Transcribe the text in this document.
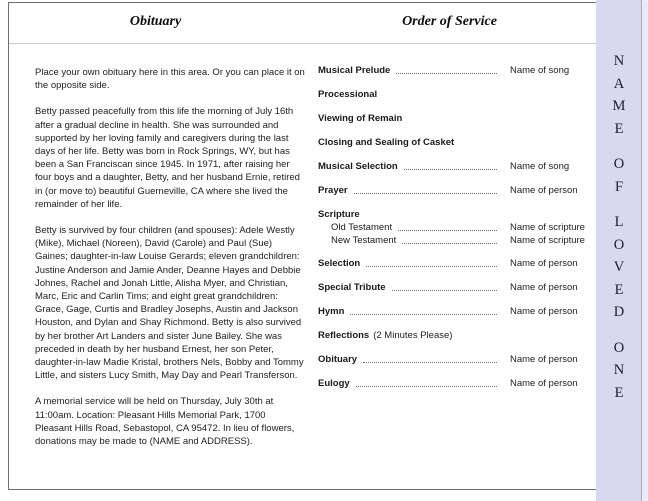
Obituary	Order of Service
Place your own obituary here in this area. Or you can place it on the opposite side.
Betty passed peacefully from this life the morning of July 16th after a gradual decline in health. She was surrounded and supported by her loving family and caregivers during the last days of her life. Betty was born in Rock Springs, WY, but has been a San Franciscan since 1945. In 1971, after raising her four boys and a daughter, Betty, and her husband Ernie, retired in (or move to) beautiful Guerneville, CA where she lived the remainder of her life.
Betty is survived by four children (and spouses): Adele Westly (Mike), Michael (Noreen), David (Carole) and Paul (Sue) Gaines; daughter-in-law Louise Gerards; eleven grandchildren: Justine Anderson and Jamie Ander, Deanne Hayes and Debbie Johnes, Rachel and Jonah Little, Alisha Myer, and Christian, Marc, Eric and Carlin Tims; and eight great grandchildren: Grace, Gage, Curtis and Bradley Josephs, Austin and Jackson Houston, and Dylan and Shay Richmond. Betty is also survived by her brother Art Landers and sister June Bailey. She was preceded in death by her husband Ernest, her son Peter, daughter-in-law Madie Kristal, brothers Nels, Bobby and Tommy Little, and sisters Lucy Smith, May Day and Pearl Transferson.
A memorial service will be held on Thursday, July 30th at 11:00am. Location: Pleasant Hills Memorial Park, 1700 Pleasant Hills Road, Sebastopol, CA 95472. In lieu of flowers, donations may be made to (NAME and ADDRESS).
Musical Prelude	Name of song
Processional
Viewing of Remain
Closing and Sealing of Casket
Musical Selection	Name of song
Prayer	Name of person
Scripture
Old Testament	Name of scripture
New Testament	Name of scripture
Selection	Name of person
Special Tribute	Name of person
Hymn	Name of person
Reflections (2 Minutes Please)
Obituary	Name of person
Eulogy	Name of person
N
A
M
E
O
F
L
O
V
E
D
O
N
E
